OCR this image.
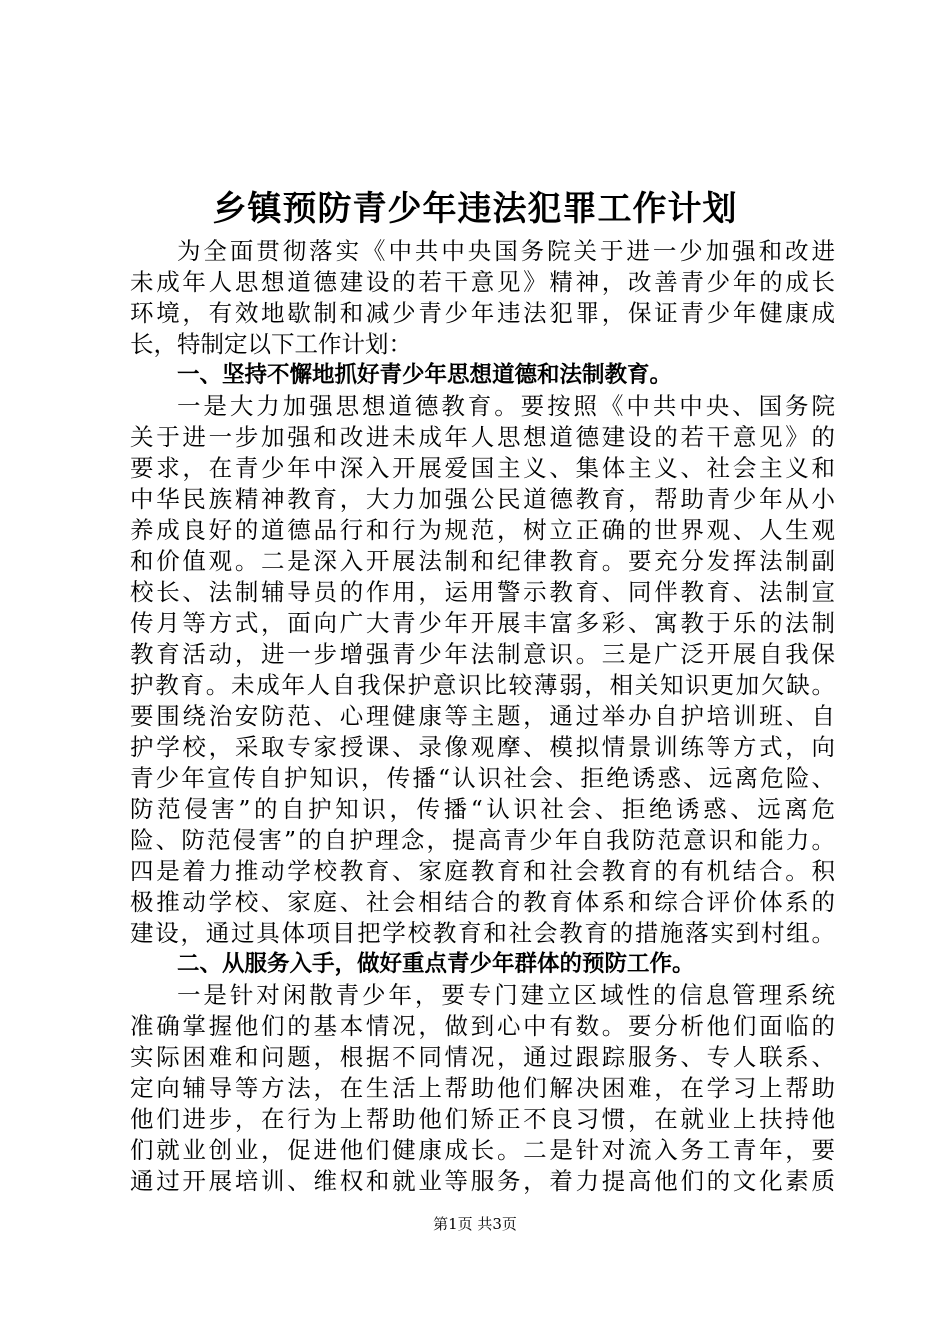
乡镇预防青少年违法犯罪工作计划
为全面贯彻落实《中共中央国务院关于进一少加强和改进
未成年人思想道德建设的若干意见》精神，改善青少年的成长
环境，有效地歇制和减少青少年违法犯罪，保证青少年健康成
长，特制定以下工作计划：
一、坚持不懈地抓好青少年思想道德和法制教育。
一是大力加强思想道德教育。要按照《中共中央、国务院
关于进一步加强和改进未成年人思想道德建设的若干意见》的
要求，在青少年中深入开展爱国主义、集体主义、社会主义和
中华民族精神教育，大力加强公民道德教育，帮助青少年从小
养成良好的道德品行和行为规范，树立正确的世界观、人生观
和价值观。二是深入开展法制和纪律教育。要充分发挥法制副
校长、法制辅导员的作用，运用警示教育、同伴教育、法制宣
传月等方式，面向广大青少年开展丰富多彩、寓教于乐的法制
教育活动，进一步增强青少年法制意识。三是广泛开展自我保
护教育。未成年人自我保护意识比较薄弱，相关知识更加欠缺。
要围绕治安防范、心理健康等主题，通过举办自护培训班、自
护学校，采取专家授课、录像观摩、模拟情景训练等方式，向
青少年宣传自护知识，传播“认识社会、拒绝诱惑、远离危险、
防范侵害”的自护知识，传播“认识社会、拒绝诱惑、远离危
险、防范侵害”的自护理念，提高青少年自我防范意识和能力。
四是着力推动学校教育、家庭教育和社会教育的有机结合。积
极推动学校、家庭、社会相结合的教育体系和综合评价体系的
建设，通过具体项目把学校教育和社会教育的措施落实到村组。
二、从服务入手，做好重点青少年群体的预防工作。
一是针对闲散青少年，要专门建立区域性的信息管理系统
准确掌握他们的基本情况，做到心中有数。要分析他们面临的
实际困难和问题，根据不同情况，通过跟踪服务、专人联系、
定向辅导等方法，在生活上帮助他们解决困难，在学习上帮助
他们进步，在行为上帮助他们矫正不良习惯，在就业上扶持他
们就业创业，促进他们健康成长。二是针对流入务工青年，要
通过开展培训、维权和就业等服务，着力提高他们的文化素质
第1页 共3页
